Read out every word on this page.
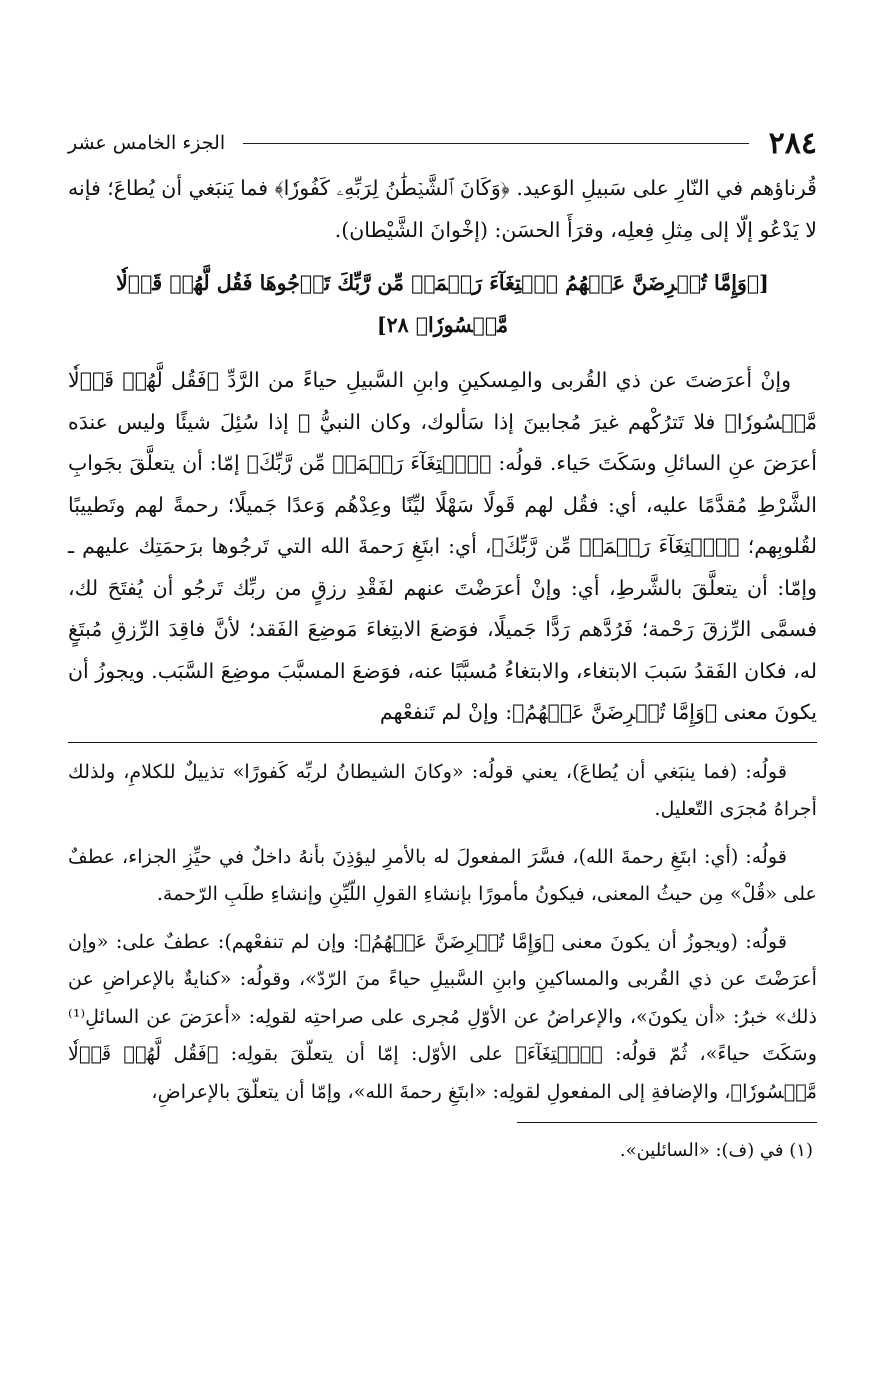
٢٨٤
الجزء الخامس عشر

قُرناؤهم في النّارِ على سَبيلِ الوَعيد. ﴿وَكَانَ ٱلشَّيۡطَٰنُ لِرَبِّهِۦ كَفُورٗا﴾ فما يَنبَغي أن يُطاعَ؛ فإنه لا يَدْعُو إلّا إلى مِثلِ فِعلِه، وقرَأَ الحسَن: (إخْوانَ الشَّيْطان).

[﴿وَإِمَّا تُعۡرِضَنَّ عَنۡهُمُ ٱبۡتِغَآءَ رَحۡمَةٖ مِّن رَّبِّكَ تَرۡجُوهَا فَقُل لَّهُمۡ قَوۡلٗا مَّيۡسُورٗا﴾ ٢٨]

وإنْ أعرَضتَ عن ذي القُربى والمِسكينِ وابنِ السَّبيلِ حياءً من الرَّدِّ ﴿فَقُل لَّهُمۡ قَوۡلٗا مَّيۡسُورٗا﴾ فلا تَترُكْهم غيرَ مُجابينَ إذا سَألوك، وكان النبيُّ ﷺ إذا سُئِلَ شيئًا وليس عندَه أعرَضَ عنِ السائلِ وسَكَتَ حَياء. قولُه: ﴿ٱبۡتِغَآءَ رَحۡمَةٖ مِّن رَّبِّكَ﴾ إمّا: أن يتعلَّقَ بجَوابِ الشَّرْطِ مُقدَّمًا عليه، أي: فقُل لهم قَولًا سَهْلًا ليِّنًا وعِدْهُم وَعدًا جَميلًا؛ رحمةً لهم وتَطييبًا لقُلوبِهم؛ ﴿ٱبۡتِغَآءَ رَحۡمَةٖ مِّن رَّبِّكَ﴾، أي: ابتَغِ رَحمةَ الله التي تَرجُوها برَحمَتِك عليهم ـ وإمّا: أن يتعلَّقَ بالشَّرطِ، أي: وإنْ أعرَضْتَ عنهم لفَقْدِ رزقٍ من ربِّك تَرجُو أن يُفتَحَ لك، فسمَّى الرِّزقَ رَحْمة؛ فَرُدَّهم رَدًّا جَميلًا، فوَضعَ الابتِغاءَ مَوضِعَ الفَقد؛ لأنَّ فاقِدَ الرِّزقِ مُبتَغٍ له، فكان الفَقدُ سَببَ الابتغاء، والابتغاءُ مُسبَّبًا عنه، فوَضعَ المسبَّبَ موضِعَ السَّبَب. ويجوزُ أن يكونَ معنى ﴿وَإِمَّا تُعۡرِضَنَّ عَنۡهُمُ﴾: وإنْ لم تَنفعْهم

قولُه: (فما ينبَغي أن يُطاعَ)، يعني قولُه: «وكانَ الشيطانُ لربِّه كَفورًا» تذييلٌ للكلامِ، ولذلك أجراهُ مُجرَى التّعليل.

قولُه: (أي: ابتَغِ رحمةَ الله)، فسَّرَ المفعولَ له بالأمرِ ليؤذِنَ بأنهُ داخلٌ في حيِّزِ الجزاء، عطفٌ على «قُلْ» مِن حيثُ المعنى، فيكونُ مأمورًا بإنشاءِ القولِ اللّيِّنِ وإنشاءِ طلَبِ الرّحمة.

قولُه: (ويجوزُ أن يكونَ معنى ﴿وَإِمَّا تُعۡرِضَنَّ عَنۡهُمُ﴾: وإن لم تنفعْهم): عطفٌ على: «وإن أعرَضْتَ عن ذي القُربى والمساكينِ وابنِ السَّبيلِ حياءً منَ الرّدّ»، وقولُه: «كنايةٌ بالإعراضِ عن ذلك» خبرُ: «أن يكونَ»، والإعراضُ عن الأوّلِ مُجرى على صراحتِه لقولِه: «أعرَضَ عن السائلِ⁽¹⁾ وسَكَتَ حياءً»، ثُمّ قولُه: ﴿ٱبۡتِغَآءَ﴾ على الأوّل: إمّا أن يتعلّقَ بقولِه: ﴿فَقُل لَّهُمۡ قَوۡلٗا مَّيۡسُورٗا﴾، والإضافةِ إلى المفعولِ لقولِه: «ابتَغِ رحمةَ الله»، وإمّا أن يتعلّقَ بالإعراضِ،

(١) في (ف): «السائلين».
